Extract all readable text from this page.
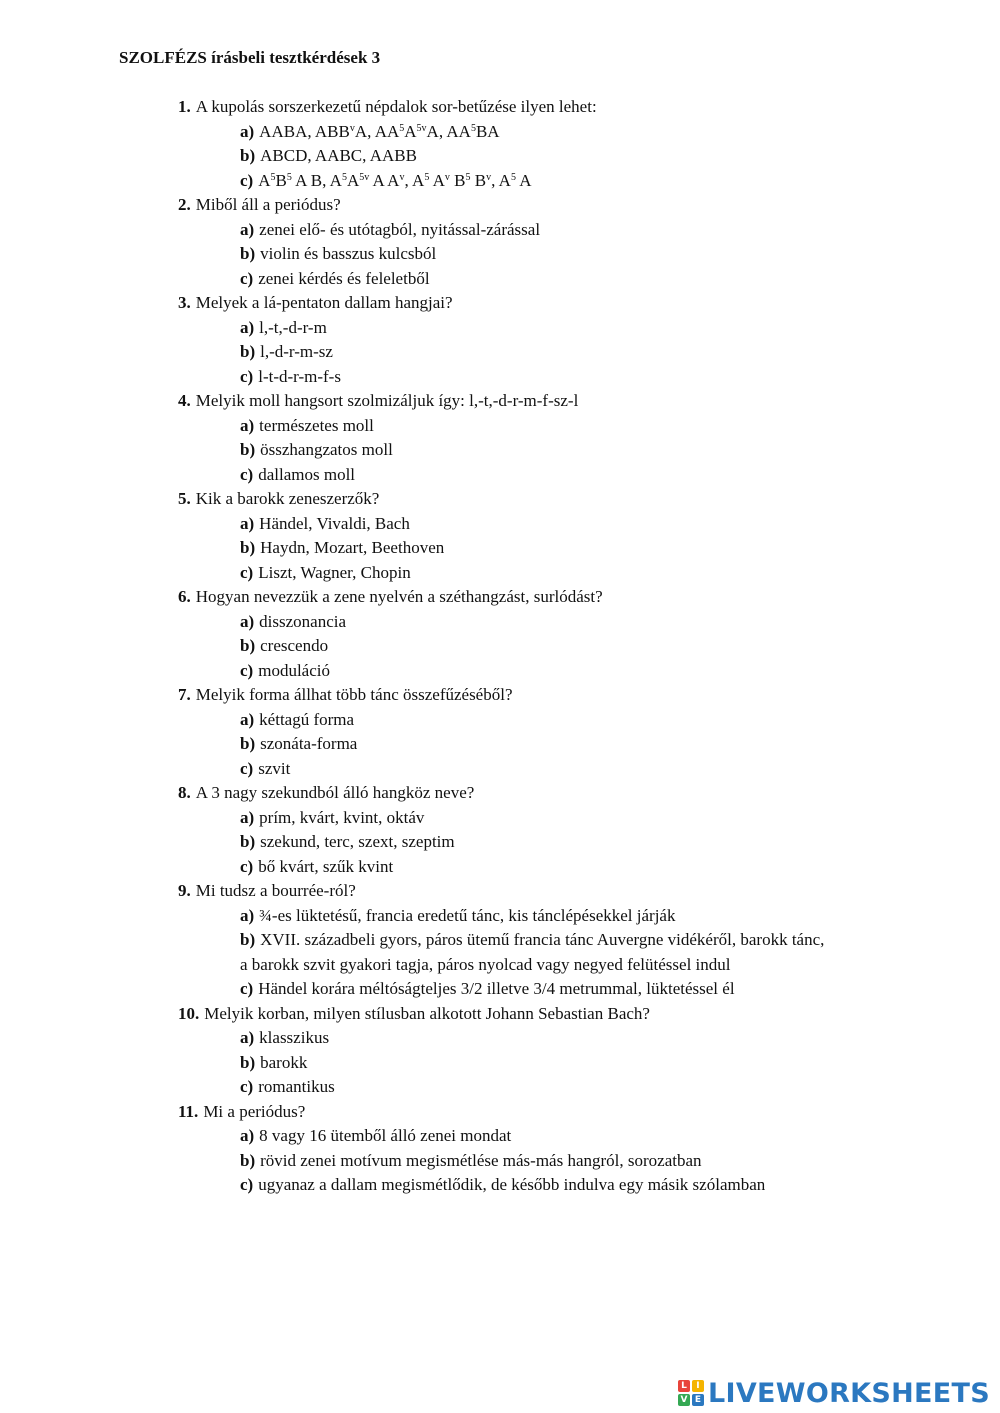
SZOLFÉZS írásbeli tesztkérdések 3
1. A kupolás sorszerkezetű népdalok sor-betűzése ilyen lehet:
a) AABA, ABB$^v$A, $AA^5A^{5v}A$, $AA^5BA$
b) ABCD, AABC, AABB
c) $A^5B^5$ A B, $A^5A^{5v}$ A $A^v$, $A^5$ $A^v$ $B^5$ $B^v$, $A^5$ A
2. Miből áll a periódus?
a) zenei elő- és utótagból, nyitással-zárással
b) violin és basszus kulcsból
c) zenei kérdés és feleletből
3. Melyek a lá-pentaton dallam hangjai?
a) l,-t,-d-r-m
b) l,-d-r-m-sz
c) l-t-d-r-m-f-s
4. Melyik moll hangsort szolmizáljuk így: l,-t,-d-r-m-f-sz-l
a) természetes moll
b) összhangzatos moll
c) dallamos moll
5. Kik a barokk zeneszerzők?
a) Händel, Vivaldi, Bach
b) Haydn, Mozart, Beethoven
c) Liszt, Wagner, Chopin
6. Hogyan nevezzük a zene nyelvén a széthangzást, surlódást?
a) disszonancia
b) crescendo
c) moduláció
7. Melyik forma állhat több tánc összefűzéséből?
a) kéttagú forma
b) szonáta-forma
c) szvit
8. A 3 nagy szekundból álló hangköz neve?
a) prím, kvárt, kvint, oktáv
b) szekund, terc, szext, szeptim
c) bő kvárt, szűk kvint
9. Mi tudsz a bourrée-ról?
a) ¾-es lüktetésű, francia eredetű tánc, kis tánclépésekkel járják
b) XVII. századbeli gyors, páros ütemű francia tánc Auvergne vidékéről, barokk tánc,
a barokk szvit gyakori tagja, páros nyolcad vagy negyed felütéssel indul
c) Händel korára méltóságteljes 3/2 illetve 3/4 metrummal, lüktetéssel él
10. Melyik korban, milyen stílusban alkotott Johann Sebastian Bach?
a) klasszikus
b) barokk
c) romantikus
11. Mi a periódus?
a) 8 vagy 16 ütemből álló zenei mondat
b) rövid zenei motívum megismétlése más-más hangról, sorozatban
c) ugyanaz a dallam megismétlődik, de később indulva egy másik szólamban
L	I
V E LIVEWORKSHEETS
